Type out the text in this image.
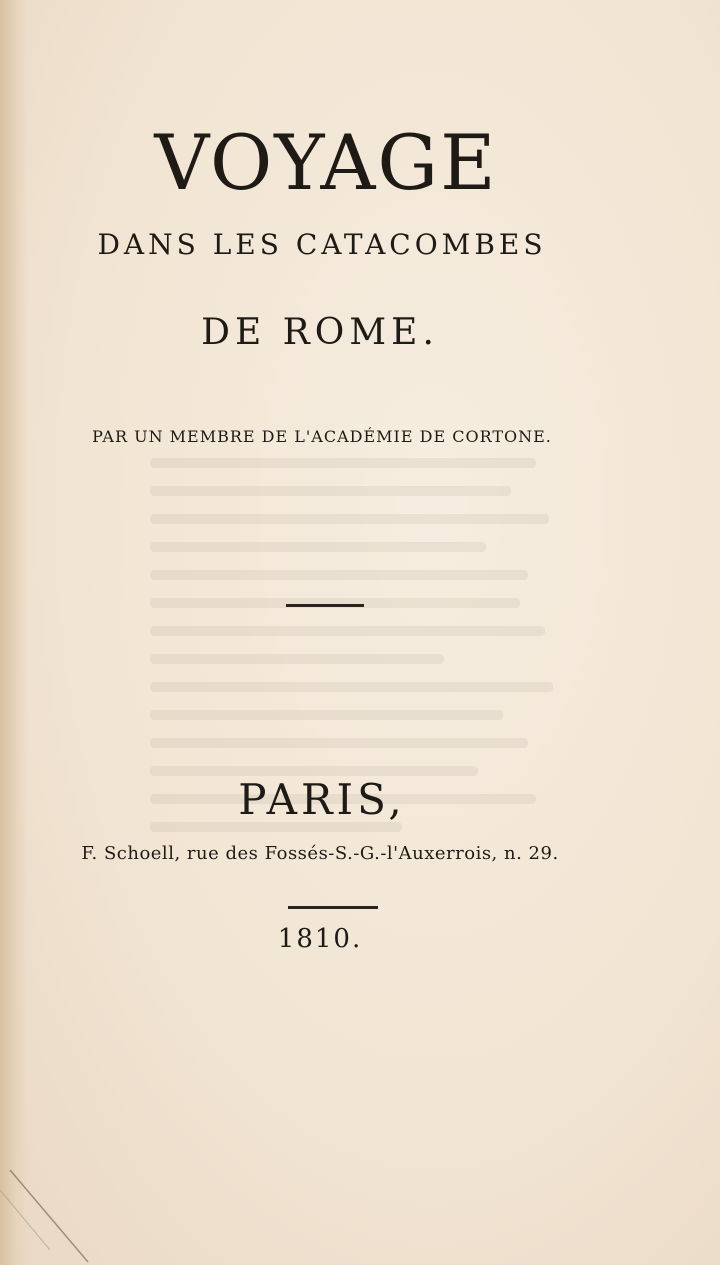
VOYAGE
DANS LES CATACOMBES
DE ROME.
PAR UN MEMBRE DE L'ACADÉMIE DE CORTONE.
PARIS,
F. Schoell, rue des Fossés-S.-G.-l'Auxerrois, n. 29.
1810.
